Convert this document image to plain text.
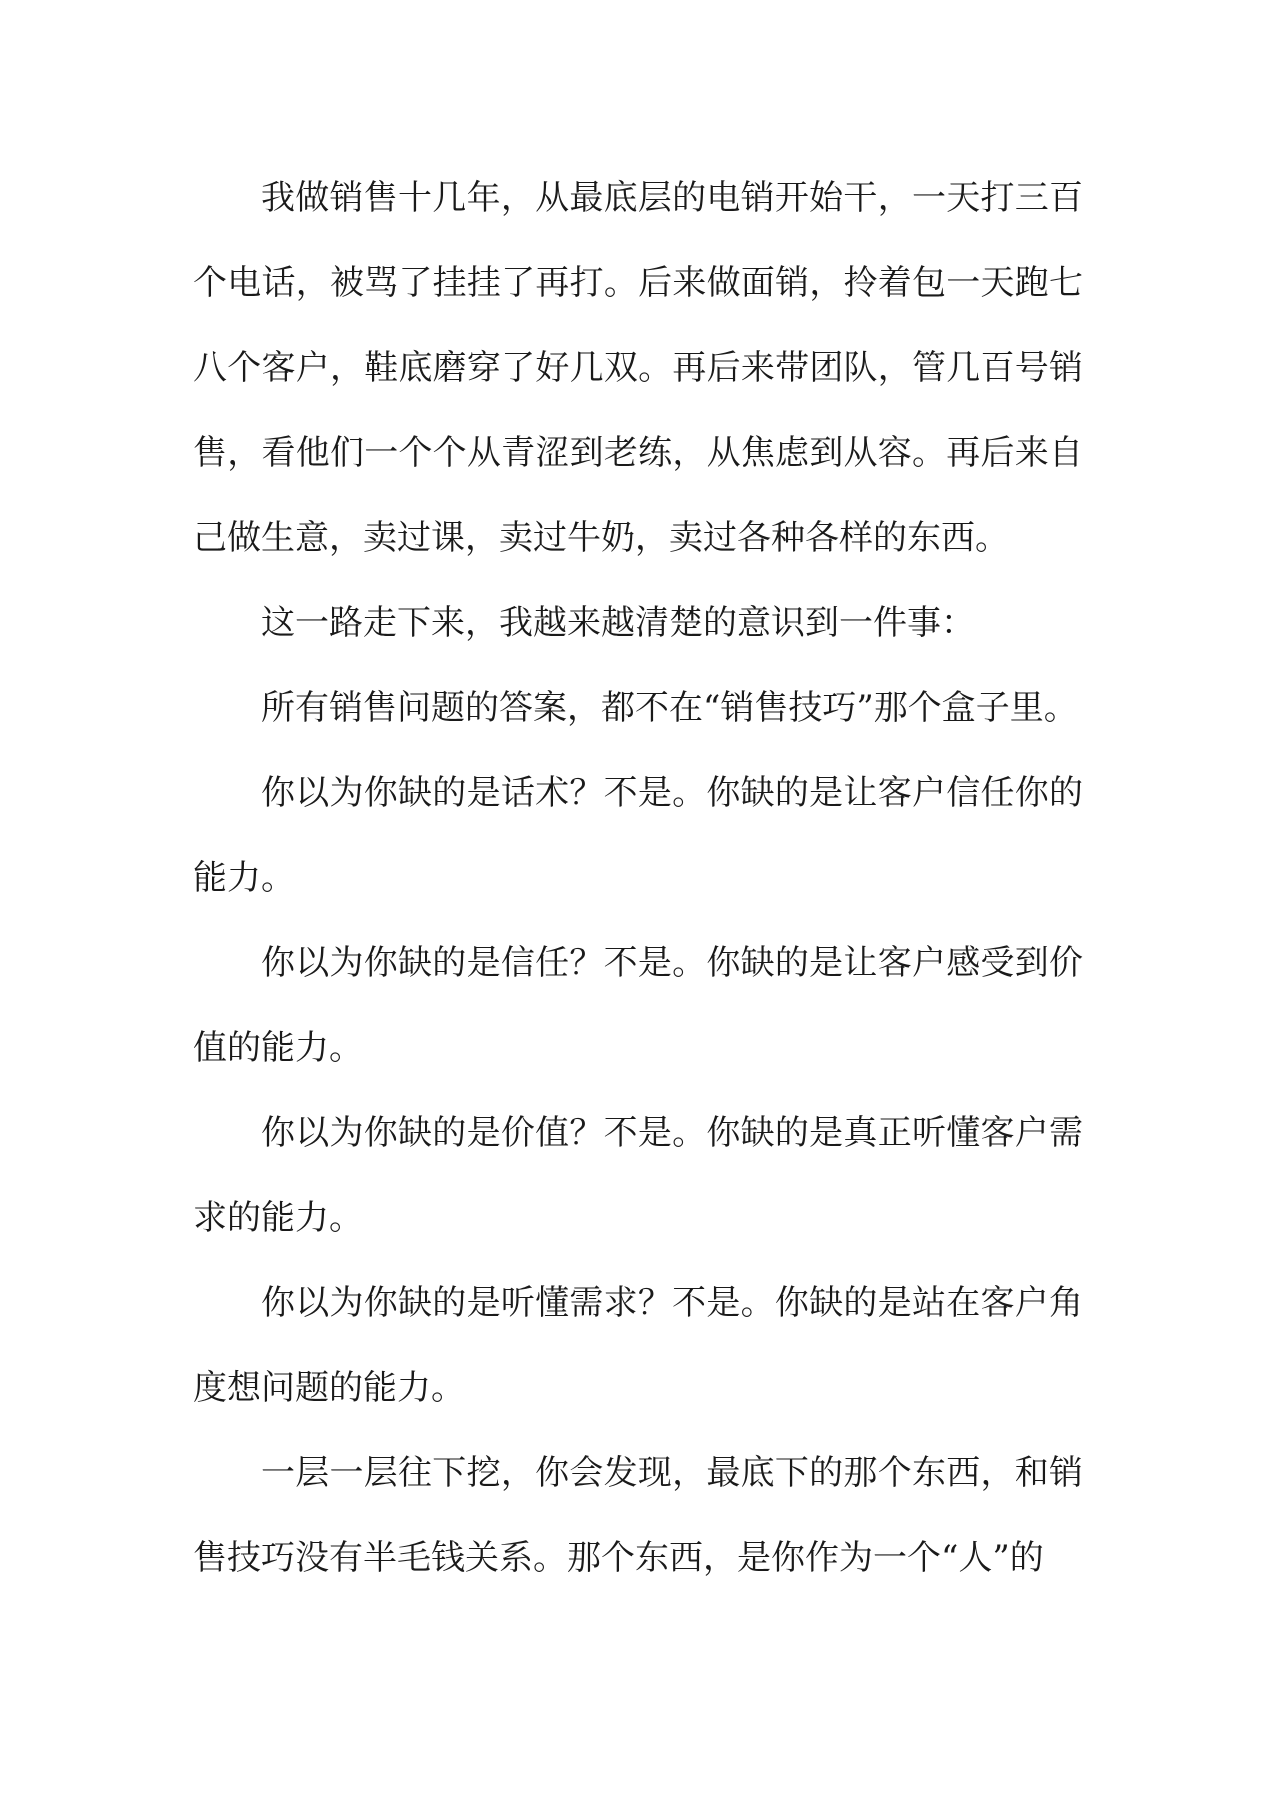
我做销售十几年，从最底层的电销开始干，一天打三百个电话，被骂了挂挂了再打。后来做面销，拎着包一天跑七八个客户，鞋底磨穿了好几双。再后来带团队，管几百号销售，看他们一个个从青涩到老练，从焦虑到从容。再后来自己做生意，卖过课，卖过牛奶，卖过各种各样的东西。

这一路走下来，我越来越清楚的意识到一件事：

所有销售问题的答案，都不在“销售技巧”那个盒子里。

你以为你缺的是话术？不是。你缺的是让客户信任你的能力。

你以为你缺的是信任？不是。你缺的是让客户感受到价值的能力。

你以为你缺的是价值？不是。你缺的是真正听懂客户需求的能力。

你以为你缺的是听懂需求？不是。你缺的是站在客户角度想问题的能力。

一层一层往下挖，你会发现，最底下的那个东西，和销售技巧没有半毛钱关系。那个东西，是你作为一个“人”的
